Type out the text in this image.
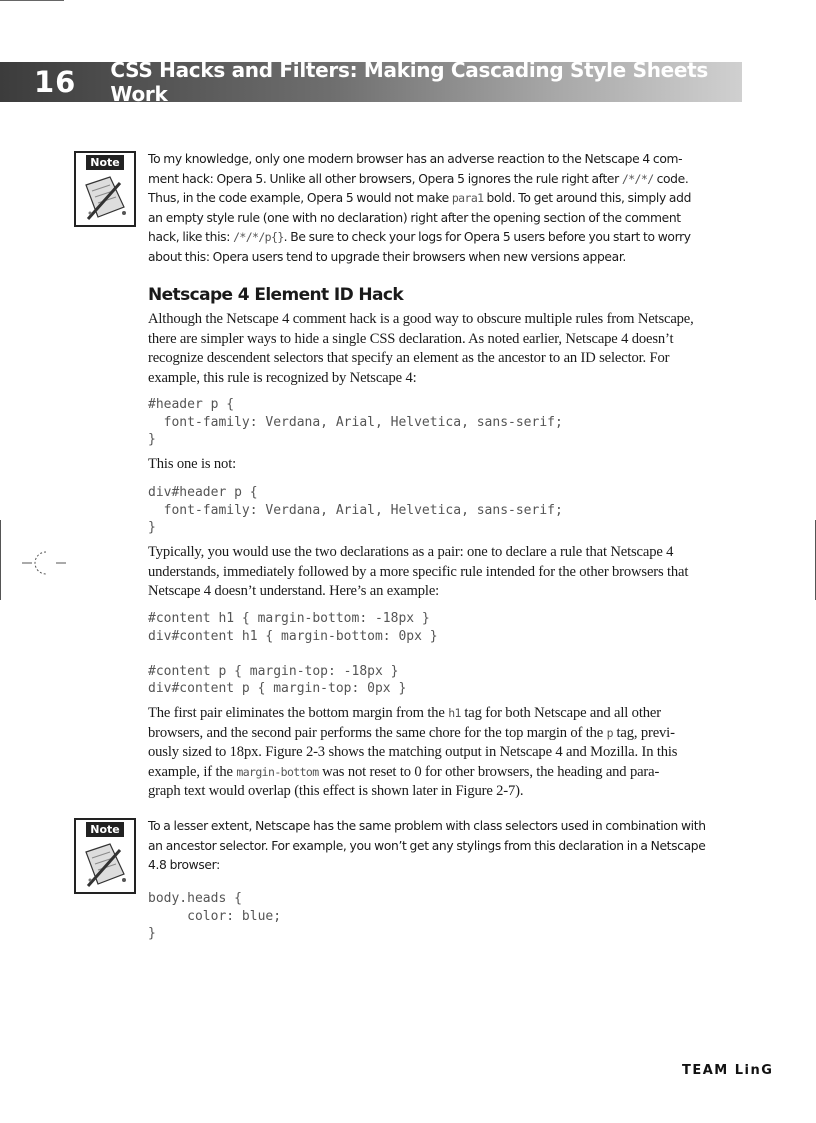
16	CSS Hacks and Filters: Making Cascading Style Sheets Work
Note	To my knowledge, only one modern browser has an adverse reaction to the Netscape 4 com-
ment hack: Opera 5. Unlike all other browsers, Opera 5 ignores the rule right after /*/*/ code.
Thus, in the code example, Opera 5 would not make para1 bold. To get around this, simply add
an empty style rule (one with no declaration) right after the opening section of the comment
hack, like this: /*/*/p{}. Be sure to check your logs for Opera 5 users before you start to worry
about this: Opera users tend to upgrade their browsers when new versions appear.
Netscape 4 Element ID Hack
Although the Netscape 4 comment hack is a good way to obscure multiple rules from Netscape,
there are simpler ways to hide a single CSS declaration. As noted earlier, Netscape 4 doesn’t
recognize descendent selectors that specify an element as the ancestor to an ID selector. For
example, this rule is recognized by Netscape 4:
#header p {
font-family: Verdana, Arial, Helvetica, sans-serif;
}
This one is not:
div#header p {
font-family: Verdana, Arial, Helvetica, sans-serif;
}
Typically, you would use the two declarations as a pair: one to declare a rule that Netscape 4
understands, immediately followed by a more specific rule intended for the other browsers that
Netscape 4 doesn’t understand. Here’s an example:
#content h1 { margin-bottom: -18px }
div#content h1 { margin-bottom: 0px }

#content p { margin-top: -18px }
div#content p { margin-top: 0px }
The first pair eliminates the bottom margin from the h1 tag for both Netscape and all other
browsers, and the second pair performs the same chore for the top margin of the p tag, previ-
ously sized to 18px. Figure 2-3 shows the matching output in Netscape 4 and Mozilla. In this
example, if the margin-bottom was not reset to 0 for other browsers, the heading and para-
graph text would overlap (this effect is shown later in Figure 2-7).
Note	To a lesser extent, Netscape has the same problem with class selectors used in combination with
an ancestor selector. For example, you won’t get any stylings from this declaration in a Netscape
4.8 browser:
body.heads {
color: blue;
}
TEAM LinG
